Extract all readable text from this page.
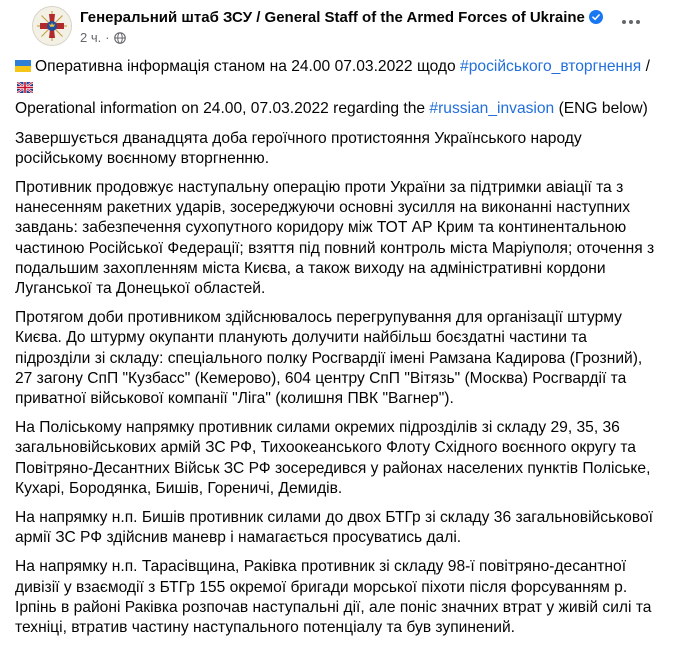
Генеральний штаб ЗСУ / General Staff of the Armed Forces of Ukraine
2 ч. ·

Оперативна інформація станом на 24.00 07.03.2022 щодо #російського_вторгнення /
Operational information on 24.00, 07.03.2022 regarding the #russian_invasion (ENG below)

Завершується дванадцята доба героїчного протистояння Українського народу російському воєнному вторгненню.

Противник продовжує наступальну операцію проти України за підтримки авіації та з нанесенням ракетних ударів, зосереджуючи основні зусилля на виконанні наступних завдань: забезпечення сухопутного коридору між ТОТ АР Крим та континентальною частиною Російської Федерації; взяття під повний контроль міста Маріуполя; оточення з подальшим захопленням міста Києва, а також виходу на адміністративні кордони Луганської та Донецької областей.

Протягом доби противником здійснювалось перегрупування для організації штурму Києва. До штурму окупанти планують долучити найбільш боєздатні частини та підрозділи зі складу: спеціального полку Росгвардії імені Рамзана Кадирова (Грозний), 27 загону СпП "Кузбасс" (Кемерово), 604 центру СпП "Вітязь" (Москва) Росгвардії та приватної військової компанії "Ліга" (колишня ПВК "Вагнер").

На Поліському напрямку противник силами окремих підрозділів зі складу 29, 35, 36 загальновійськових армій ЗС РФ, Тихоокеанського Флоту Східного воєнного округу та Повітряно-Десантних Військ ЗС РФ зосередився у районах населених пунктів Поліське, Кухарі, Бородянка, Бишів, Гореничі, Демидів.

На напрямку н.п. Бишів противник силами до двох БТГр зі складу 36 загальновійськової армії ЗС РФ здійснив маневр і намагається просуватись далі.

На напрямку н.п. Тарасівщина, Раківка противник зі складу 98-ї повітряно-десантної дивізії у взаємодії з БТГр 155 окремої бригади морської піхоти після форсуванням р. Ірпінь в районі Раківка розпочав наступальні дії, але поніс значних втрат у живій силі та техніці, втратив частину наступального потенціалу та був зупинений.
